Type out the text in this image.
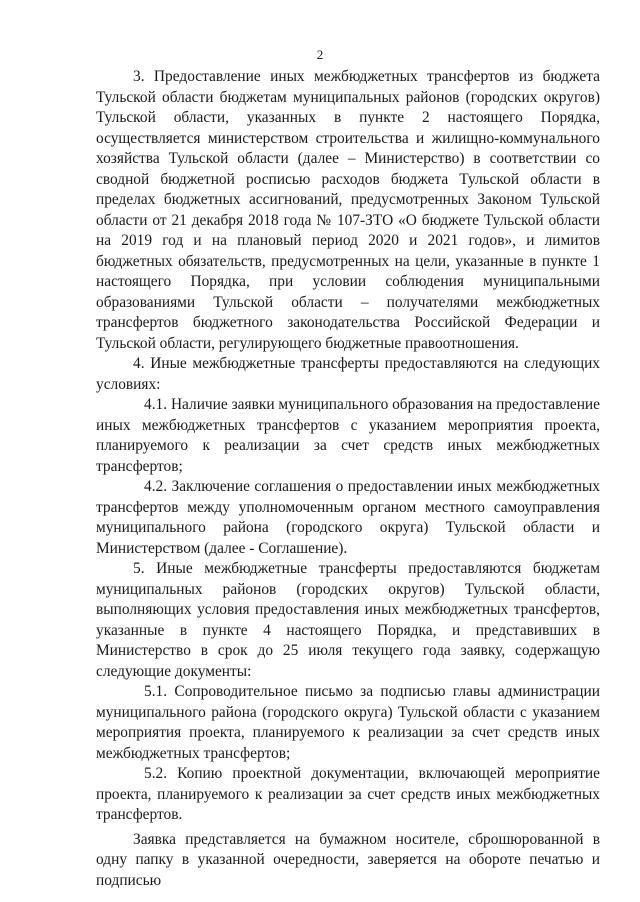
2

3. Предоставление иных межбюджетных трансфертов из бюджета Тульской области бюджетам муниципальных районов (городских округов) Тульской области, указанных в пункте 2 настоящего Порядка, осуществляется министерством строительства и жилищно-коммунального хозяйства Тульской области (далее – Министерство) в соответствии со сводной бюджетной росписью расходов бюджета Тульской области в пределах бюджетных ассигнований, предусмотренных Законом Тульской области от 21 декабря 2018 года № 107-ЗТО «О бюджете Тульской области на 2019 год и на плановый период 2020 и 2021 годов», и лимитов бюджетных обязательств, предусмотренных на цели, указанные в пункте 1 настоящего Порядка, при условии соблюдения муниципальными образованиями Тульской области – получателями межбюджетных трансфертов бюджетного законодательства Российской Федерации и Тульской области, регулирующего бюджетные правоотношения.

4. Иные межбюджетные трансферты предоставляются на следующих условиях:

4.1. Наличие заявки муниципального образования на предоставление иных межбюджетных трансфертов с указанием мероприятия проекта, планируемого к реализации за счет средств иных межбюджетных трансфертов;

4.2. Заключение соглашения о предоставлении иных межбюджетных трансфертов между уполномоченным органом местного самоуправления муниципального района (городского округа) Тульской области и Министерством (далее - Соглашение).

5. Иные межбюджетные трансферты предоставляются бюджетам муниципальных районов (городских округов) Тульской области, выполняющих условия предоставления иных межбюджетных трансфертов, указанные в пункте 4 настоящего Порядка, и представивших в Министерство в срок до 25 июля текущего года заявку, содержащую следующие документы:

5.1. Сопроводительное письмо за подписью главы администрации муниципального района (городского округа) Тульской области с указанием мероприятия проекта, планируемого к реализации за счет средств иных межбюджетных трансфертов;

5.2. Копию проектной документации, включающей мероприятие проекта, планируемого к реализации за счет средств иных межбюджетных трансфертов.

Заявка представляется на бумажном носителе, сброшюрованной в одну папку в указанной очередности, заверяется на обороте печатью и подписью
